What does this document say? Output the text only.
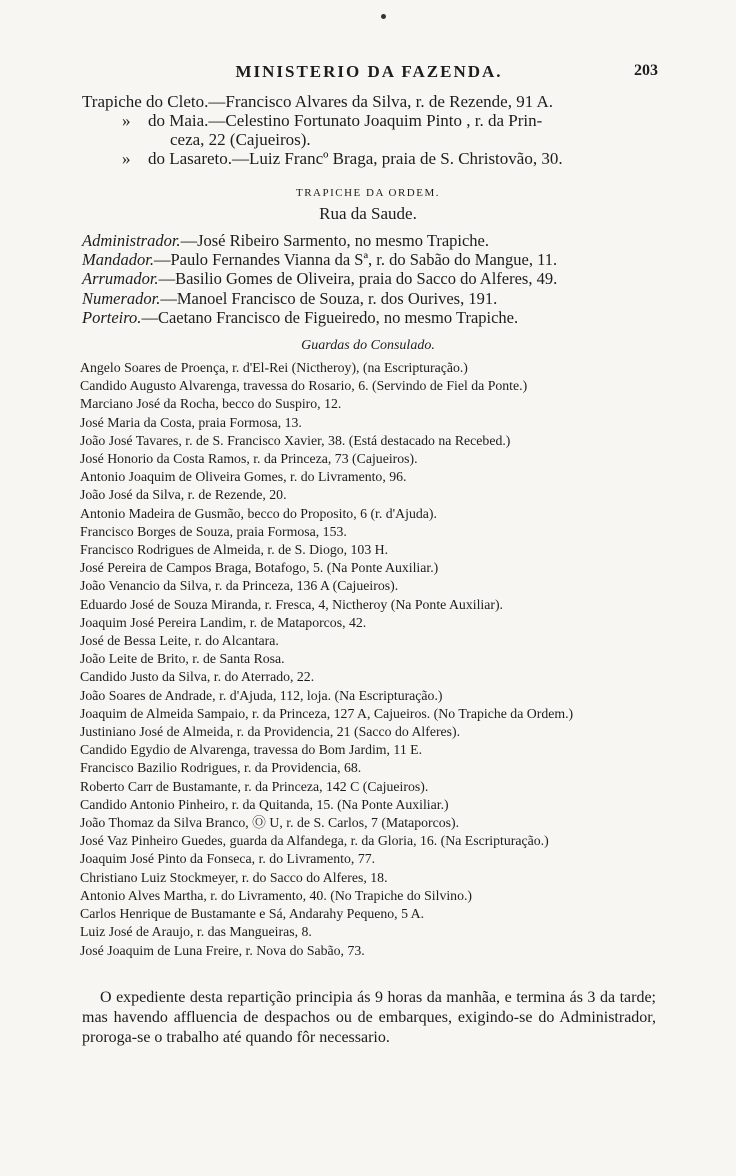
MINISTERIO DA FAZENDA.	203
Trapiche do Cleto.—Francisco Alvares da Silva, r. de Rezende, 91 A.
» do Maia.—Celestino Fortunato Joaquim Pinto , r. da Prin-
ceza, 22 (Cajueiros).
» do Lasareto.—Luiz Francº Braga, praia de S. Christovão, 30.
TRAPICHE DA ORDEM.
Rua da Saude.
Administrador.—José Ribeiro Sarmento, no mesmo Trapiche.
Mandador.—Paulo Fernandes Vianna da Sª, r. do Sabão do Mangue, 11.
Arrumador.—Basilio Gomes de Oliveira, praia do Sacco do Alferes, 49.
Numerador.—Manoel Francisco de Souza, r. dos Ourives, 191.
Porteiro.—Caetano Francisco de Figueiredo, no mesmo Trapiche.
Guardas do Consulado.
Angelo Soares de Proença, r. d'El-Rei (Nictheroy), (na Escripturação.)
Candido Augusto Alvarenga, travessa do Rosario, 6. (Servindo de Fiel da Ponte.)
Marciano José da Rocha, becco do Suspiro, 12.
José Maria da Costa, praia Formosa, 13.
João José Tavares, r. de S. Francisco Xavier, 38. (Está destacado na Recebed.)
José Honorio da Costa Ramos, r. da Princeza, 73 (Cajueiros).
Antonio Joaquim de Oliveira Gomes, r. do Livramento, 96.
João José da Silva, r. de Rezende, 20.
Antonio Madeira de Gusmão, becco do Proposito, 6 (r. d'Ajuda).
Francisco Borges de Souza, praia Formosa, 153.
Francisco Rodrigues de Almeida, r. de S. Diogo, 103 H.
José Pereira de Campos Braga, Botafogo, 5. (Na Ponte Auxiliar.)
João Venancio da Silva, r. da Princeza, 136 A (Cajueiros).
Eduardo José de Souza Miranda, r. Fresca, 4, Nictheroy (Na Ponte Auxiliar).
Joaquim José Pereira Landim, r. de Mataporcos, 42.
José de Bessa Leite, r. do Alcantara.
João Leite de Brito, r. de Santa Rosa.
Candido Justo da Silva, r. do Aterrado, 22.
João Soares de Andrade, r. d'Ajuda, 112, loja. (Na Escripturação.)
Joaquim de Almeida Sampaio, r. da Princeza, 127 A, Cajueiros. (No Trapiche da Ordem.)
Justiniano José de Almeida, r. da Providencia, 21 (Sacco do Alferes).
Candido Egydio de Alvarenga, travessa do Bom Jardim, 11 E.
Francisco Bazilio Rodrigues, r. da Providencia, 68.
Roberto Carr de Bustamante, r. da Princeza, 142 C (Cajueiros).
Candido Antonio Pinheiro, r. da Quitanda, 15. (Na Ponte Auxiliar.)
João Thomaz da Silva Branco, Ⓞ U, r. de S. Carlos, 7 (Mataporcos).
José Vaz Pinheiro Guedes, guarda da Alfandega, r. da Gloria, 16. (Na Escripturação.)
Joaquim José Pinto da Fonseca, r. do Livramento, 77.
Christiano Luiz Stockmeyer, r. do Sacco do Alferes, 18.
Antonio Alves Martha, r. do Livramento, 40. (No Trapiche do Silvino.)
Carlos Henrique de Bustamante e Sá, Andarahy Pequeno, 5 A.
Luiz José de Araujo, r. das Mangueiras, 8.
José Joaquim de Luna Freire, r. Nova do Sabão, 73.
O expediente desta repartição principia ás 9 horas da manhãa, e termina ás 3 da tarde; mas havendo affluencia de despachos ou de embarques, exigindo-se do Administrador, proroga-se o trabalho até quando fôr necessario.
